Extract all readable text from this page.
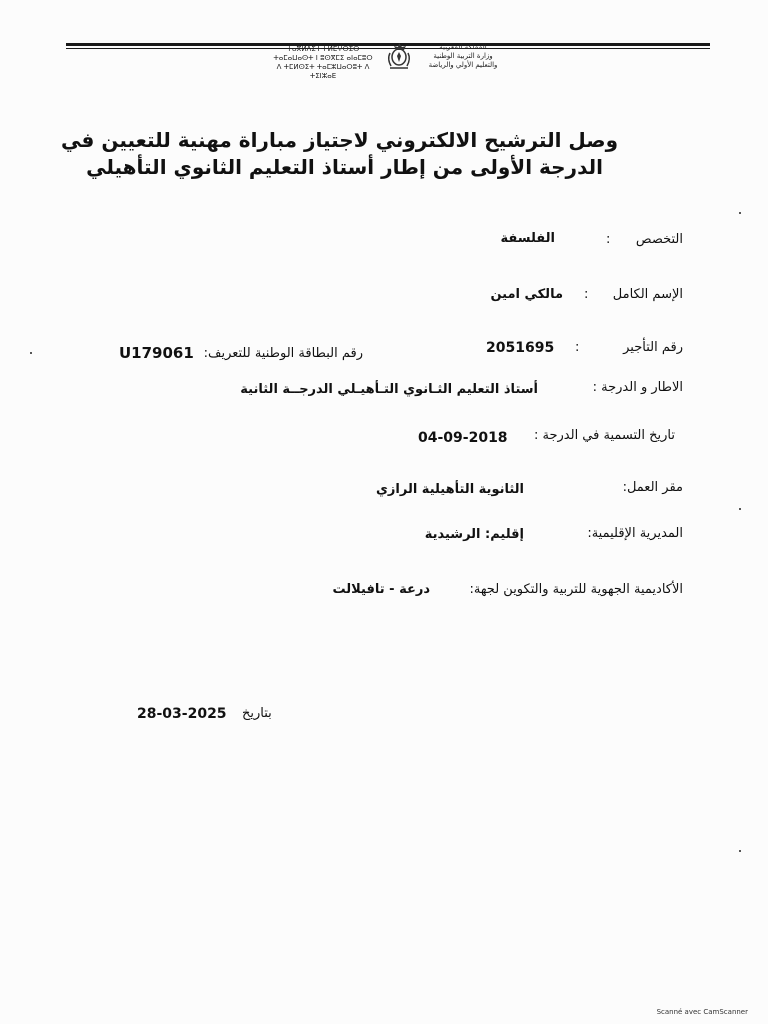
ⵜⴰⴳⵍⴷⵉⵜ ⵏ ⵍⵎⵖⵔⵉⴱ
ⵜⴰⵎⴰⵡⴰⵙⵜ ⵏ ⵓⵙⴳⵎⵉ ⴰⵏⴰⵎⵓⵔ
ⴷ ⵜⵎⵍⵙⵉⵜ ⵜⴰⵎⵣⵡⴰⵔⵓⵜ ⴷ ⵜⵉⵏⵣⴰⴹ
المملكة المغربية
وزارة التربية الوطنية
والتعليم الأولي والرياضة
وصل الترشيح الالكتروني لاجتياز مباراة مهنية للتعيين في
الدرجة الأولى من إطار أستاذ التعليم الثانوي التأهيلي
التخصص
:
الفلسفة
الإسم الكامل
:
مالكي امين
رقم التأجير
:
2051695
رقم البطاقة الوطنية للتعريف:
U179061
الاطار و الدرجة :
أستاذ التعليم الثـانوي التـأهيـلي الدرجــة الثانية
تاريخ التسمية في الدرجة :
04-09-2018
مقر العمل:
الثانوية التأهيلية الرازي
المديرية الإقليمية:
إقليم: الرشيدية
الأكاديمية الجهوية للتربية والتكوين لجهة:
درعة - تافيلالت
بتاريخ
28-03-2025
Scanné avec CamScanner
